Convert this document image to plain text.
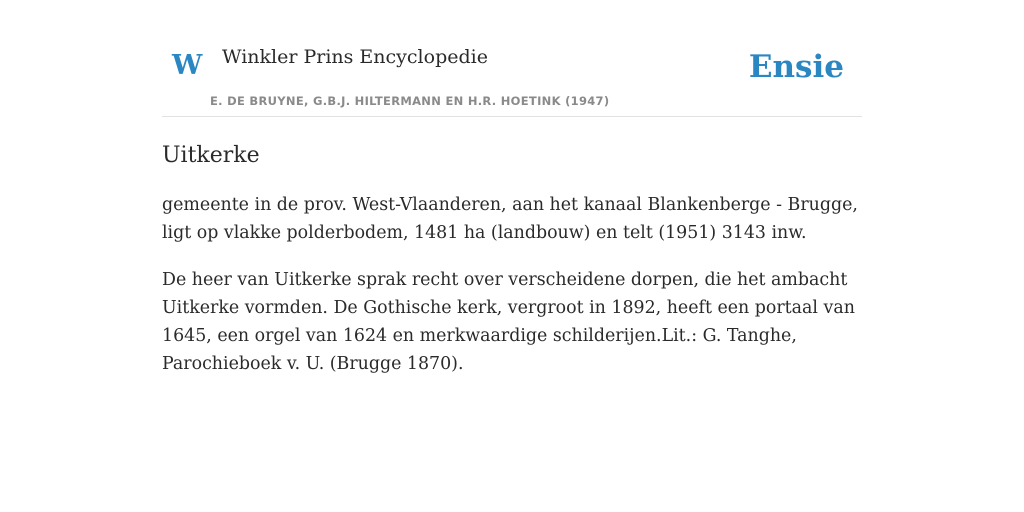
W Winkler Prins Encyclopedie
E. DE BRUYNE, G.B.J. HILTERMANN EN H.R. HOETINK (1947)
Ensie
Uitkerke

gemeente in de prov. West-Vlaanderen, aan het kanaal Blankenberge - Brugge, ligt op vlakke polderbodem, 1481 ha (landbouw) en telt (1951) 3143 inw.

De heer van Uitkerke sprak recht over verscheidene dorpen, die het ambacht Uitkerke vormden. De Gothische kerk, vergroot in 1892, heeft een portaal van 1645, een orgel van 1624 en merkwaardige schilderijen.Lit.: G. Tanghe, Parochieboek v. U. (Brugge 1870).
